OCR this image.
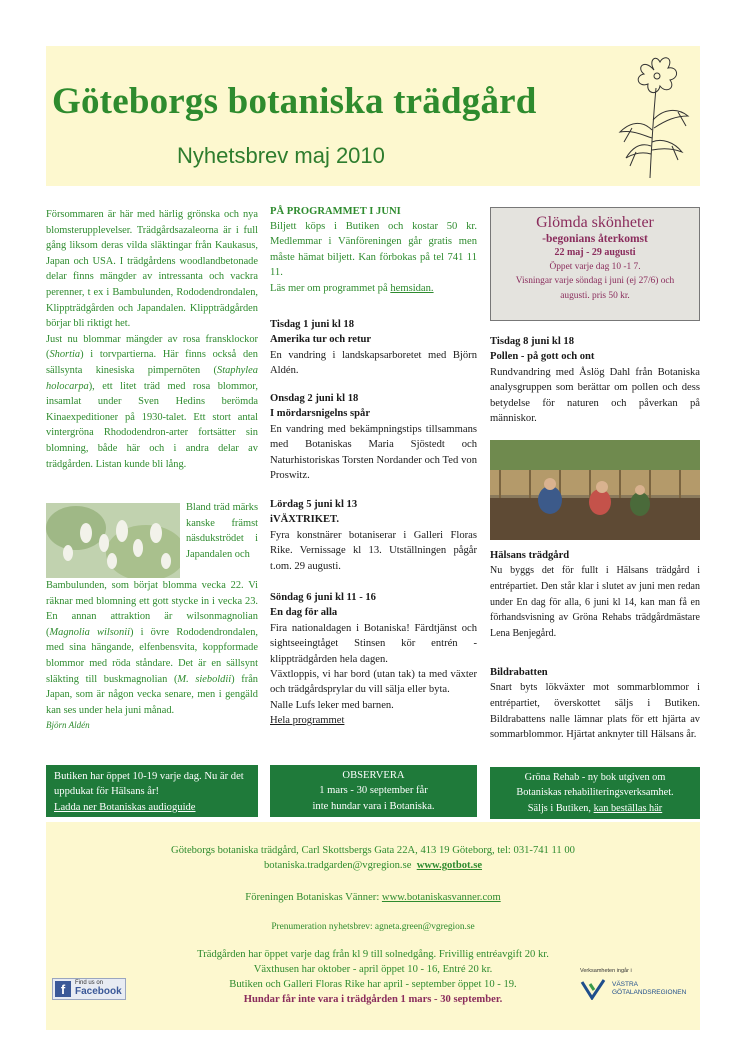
Göteborgs botaniska trädgård
Nyhetsbrev maj 2010

Försommaren är här med härlig grönska och nya blomsterupplevelser. Trädgårdsazaleorna är i full gång liksom deras vilda släktingar från Kaukasus, Japan och USA. I trädgårdens woodlandbetonade delar finns mängder av intressanta och vackra perenner, t ex i Bambulunden, Rododendrondalen, Klippträdgården och Japandalen. Klippträdgården börjar bli riktigt het.

Just nu blommar mängder av rosa fransklockor (Shortia) i torvpartierna. Här finns också den sällsynta kinesiska pimpernöten (Staphylea holocarpa), ett litet träd med rosa blommor, insamlat under Sven Hedins berömda Kinaexpeditioner på 1930-talet. Ett stort antal vintergröna Rhododendron-arter fortsätter sin blomning, både här och i andra delar av trädgården. Listan kunde bli lång.

Bland träd märks kanske främst näsdukströdet i Japandalen och

Bambulunden, som börjat blomma vecka 22. Vi räknar med blomning ett gott stycke in i vecka 23. En annan attraktion är wilsonmagnolian (Magnolia wilsonii) i övre Rododendrondalen, med sina hängande, elfenbensvita, koppformade blommor med röda ståndare. Det är en sällsynt släkting till buskmagnolian (M. sieboldii) från Japan, som är någon vecka senare, men i gengäld kan ses under hela juni månad.

Björn Aldén

Butiken har öppet 10-19 varje dag. Nu är det uppdukat för Hälsans år!
Ladda ner Botaniskas audioguide
PÅ PROGRAMMET I JUNI
Biljett köps i Butiken och kostar 50 kr. Medlemmar i Vänföreningen går gratis men måste hämat biljett. Kan förbokas på tel 741 11 11.
Läs mer om programmet på hemsidan.
Tisdag 1 juni kl 18
Amerika tur och retur
En vandring i landskapsarboretet med Björn Aldén.
Onsdag 2 juni kl 18
I mördarsnigelns spår
En vandring med bekämpningstips tillsammans med Botaniskas Maria Sjöstedt och Naturhistoriskas Torsten Nordander och Ted von Proswitz.
Lördag 5 juni kl 13
iVÄXTRIKET.
Fyra konstnärer botaniserar i Galleri Floras Rike. Vernissage kl 13. Utställningen pågår t.om. 29 augusti.
Söndag 6 juni kl 11 - 16
En dag för alla
Fira nationaldagen i Botaniska! Färdtjänst och sightseeingtåget Stinsen kör entrén - klippträdgården hela dagen.
Växtloppis, vi har bord (utan tak) ta med växter och trädgårdsprylar du vill sälja eller byta.
Nalle Lufs leker med barnen.
Hela programmet
OBSERVERA
1 mars - 30 september får
inte hundar vara i Botaniska.
Glömda skönheter
-begonians återkomst
22 maj - 29 augusti
Öppet varje dag 10 -1 7.
Visningar varje söndag i juni (ej 27/6) och augusti. pris 50 kr.
Tisdag 8 juni kl 18
Pollen - på gott och ont
Rundvandring med Åslög Dahl från Botaniska analysgruppen som berättar om pollen och dess betydelse för naturen och påverkan på människor.
Hälsans trädgård
Nu byggs det för fullt i Hälsans trädgård i entrépartiet. Den står klar i slutet av juni men redan under En dag för alla, 6 juni kl 14, kan man få en förhandsvisning av Gröna Rehabs trädgårdmästare Lena Benjegård.
Bildrabatten
Snart byts lökväxter mot sommarblommor i entrépartiet, överskottet säljs i Butiken. Bildrabattens nalle lämnar plats för ett hjärta av sommarblommor. Hjärtat anknyter till Hälsans år.
Gröna Rehab - ny bok utgiven om
Botaniskas rehabiliteringsverksamhet.
Säljs i Butiken, kan beställas här
Göteborgs botaniska trädgård, Carl Skottsbergs Gata 22A, 413 19 Göteborg, tel: 031-741 11 00
botaniska.tradgarden@vgregion.se www.gotbot.se
Föreningen Botaniskas Vänner: www.botaniskasvanner.com
Prenumeration nyhetsbrev: agneta.green@vgregion.se
Trädgården har öppet varje dag från kl 9 till solnedgång. Frivillig entréavgift 20 kr.
Växthusen har oktober - april öppet 10 - 16, Entré 20 kr.
Butiken och Galleri Floras Rike har april - september öppet 10 - 19.
Hundar får inte vara i trädgården 1 mars - 30 september.
f	Find us on
Facebook
Verksamheten ingår i
VÄSTRA
GÖTALANDSREGIONEN
